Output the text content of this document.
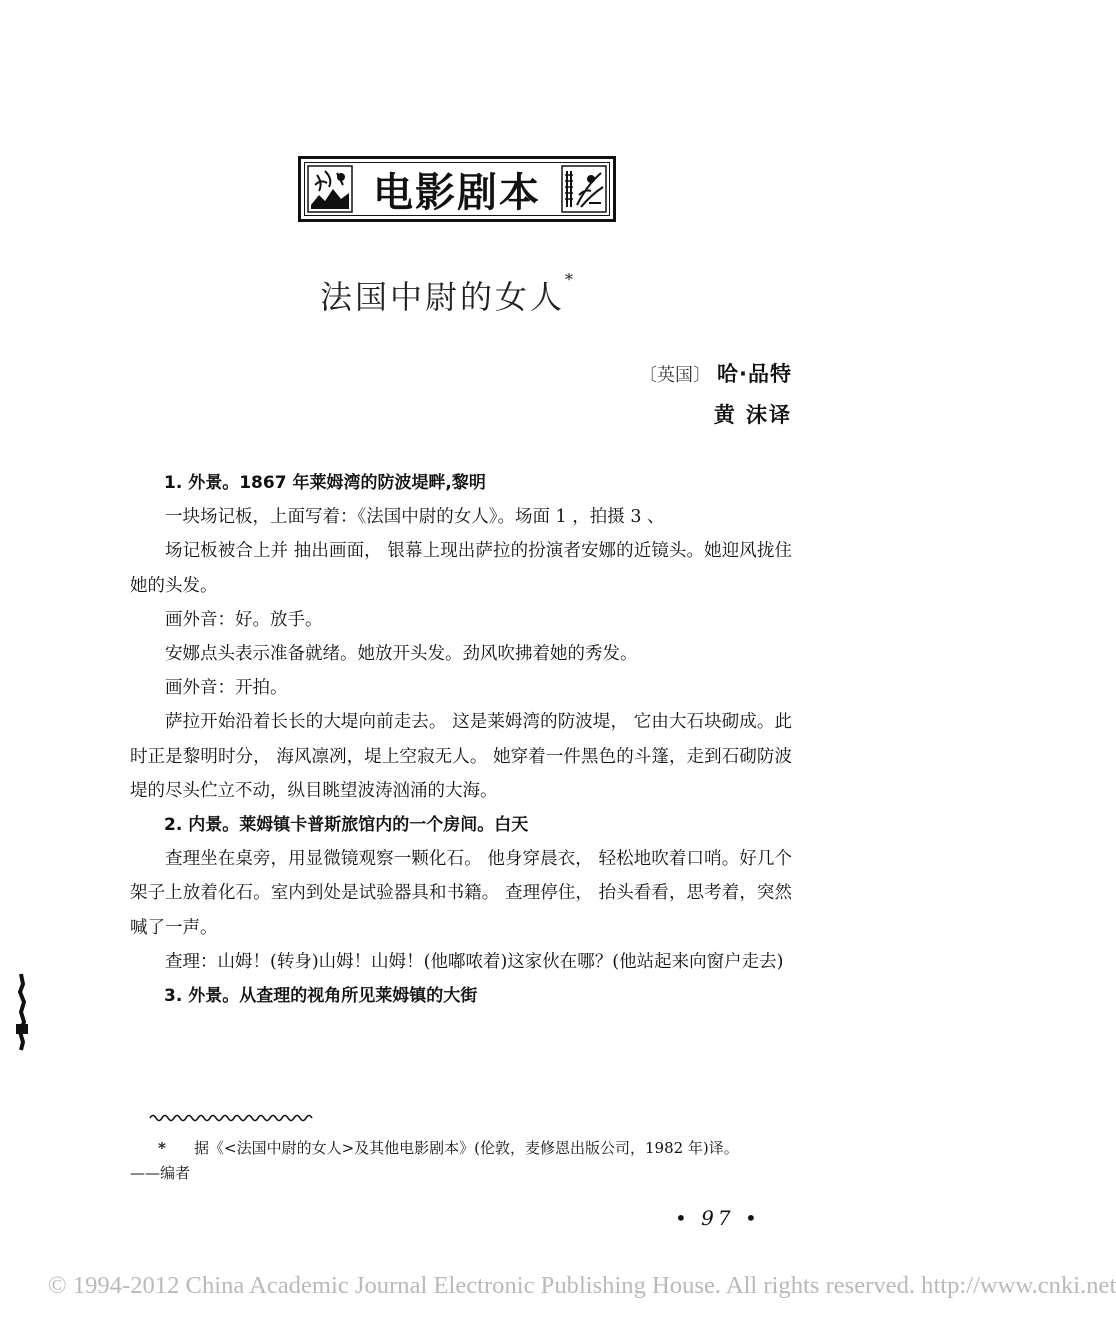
电影剧本
法国中尉的女人*
〔英国〕 哈·品特
黄 沫译

1. 外景。1867 年莱姆湾的防波堤畔,黎明

一块场记板，上面写着：《法国中尉的女人》。场面 1 ，拍摄 3 、

场记板被合上并 抽出画面， 银幕上现出萨拉的扮演者安娜的近镜头。她迎风拢住她的头发。

画外音：好。放手。

安娜点头表示准备就绪。她放开头发。劲风吹拂着她的秀发。

画外音：开拍。

萨拉开始沿着长长的大堤向前走去。 这是莱姆湾的防波堤， 它由大石块砌成。此时正是黎明时分， 海风凛冽，堤上空寂无人。 她穿着一件黑色的斗篷，走到石砌防波堤的尽头伫立不动，纵目眺望波涛汹涌的大海。

2. 内景。莱姆镇卡普斯旅馆内的一个房间。白天

查理坐在桌旁，用显微镜观察一颗化石。 他身穿晨衣， 轻松地吹着口哨。好几个架子上放着化石。室内到处是试验器具和书籍。 查理停住， 抬头看看，思考着，突然喊了一声。

查理：山姆！(转身)山姆！山姆！(他嘟哝着)这家伙在哪？(他站起来向窗户走去)

3. 外景。从查理的视角所见莱姆镇的大街

* 据《<法国中尉的女人>及其他电影剧本》(伦敦，麦修恩出版公司，1982 年)译。
——编者
• 97 •
© 1994-2012 China Academic Journal Electronic Publishing House. All rights reserved. http://www.cnki.net
